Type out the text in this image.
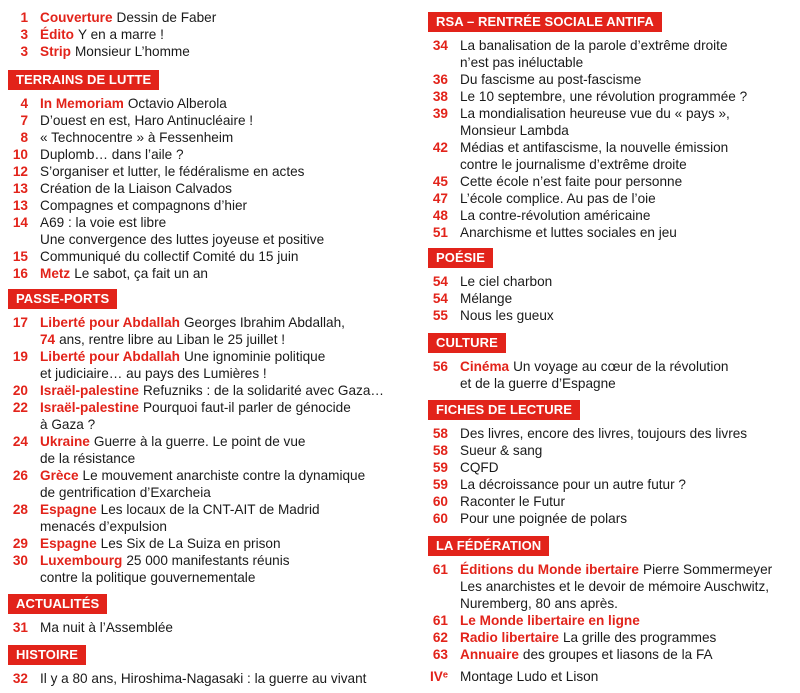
1 Couverture Dessin de Faber
3 Édito Y en a marre !
3 Strip Monsieur L’homme
TERRAINS DE LUTTE
4 In Memoriam Octavio Alberola
7 D’ouest en est, Haro Antinucléaire !
8 « Technocentre » à Fessenheim
10 Duplomb… dans l’aile ?
12 S’organiser et lutter, le fédéralisme en actes
13 Création de la Liaison Calvados
13 Compagnes et compagnons d’hier
14 A69 : la voie est libre
Une convergence des luttes joyeuse et positive
15 Communiqué du collectif Comité du 15 juin
16 Metz Le sabot, ça fait un an
PASSE-PORTS
17 Liberté pour Abdallah Georges Ibrahim Abdallah,
74 ans, rentre libre au Liban le 25 juillet !
19 Liberté pour Abdallah Une ignominie politique
et judiciaire… au pays des Lumières !
20 Israël-palestine Refuzniks : de la solidarité avec Gaza…
22 Israël-palestine Pourquoi faut-il parler de génocide
à Gaza ?
24 Ukraine Guerre à la guerre. Le point de vue
de la résistance
26 Grèce Le mouvement anarchiste contre la dynamique
de gentrification d’Exarcheia
28 Espagne Les locaux de la CNT-AIT de Madrid
menacés d’expulsion
29 Espagne Les Six de La Suiza en prison
30 Luxembourg 25 000 manifestants réunis
contre la politique gouvernementale
ACTUALITÉS
31 Ma nuit à l’Assemblée
HISTOIRE
32 Il y a 80 ans, Hiroshima-Nagasaki : la guerre au vivant
RSA – RENTRÉE SOCIALE ANTIFA
34 La banalisation de la parole d’extrême droite
n’est pas inéluctable
36 Du fascisme au post-fascisme
38 Le 10 septembre, une révolution programmée ?
39 La mondialisation heureuse vue du « pays »,
Monsieur Lambda
42 Médias et antifascisme, la nouvelle émission
contre le journalisme d’extrême droite
45 Cette école n’est faite pour personne
47 L’école complice. Au pas de l’oie
48 La contre-révolution américaine
51 Anarchisme et luttes sociales en jeu
POÉSIE
54 Le ciel charbon
54 Mélange
55 Nous les gueux
CULTURE
56 Cinéma Un voyage au cœur de la révolution
et de la guerre d’Espagne
FICHES DE LECTURE
58 Des livres, encore des livres, toujours des livres
58 Sueur & sang
59 CQFD
59 La décroissance pour un autre futur ?
60 Raconter le Futur
60 Pour une poignée de polars
LA FÉDÉRATION
61 Éditions du Monde ibertaire Pierre Sommermeyer
Les anarchistes et le devoir de mémoire Auschwitz,
Nuremberg, 80 ans après.
61 Le Monde libertaire en ligne
62 Radio libertaire La grille des programmes
63 Annuaire des groupes et liasons de la FA
IVᵉ Montage Ludo et Lison
